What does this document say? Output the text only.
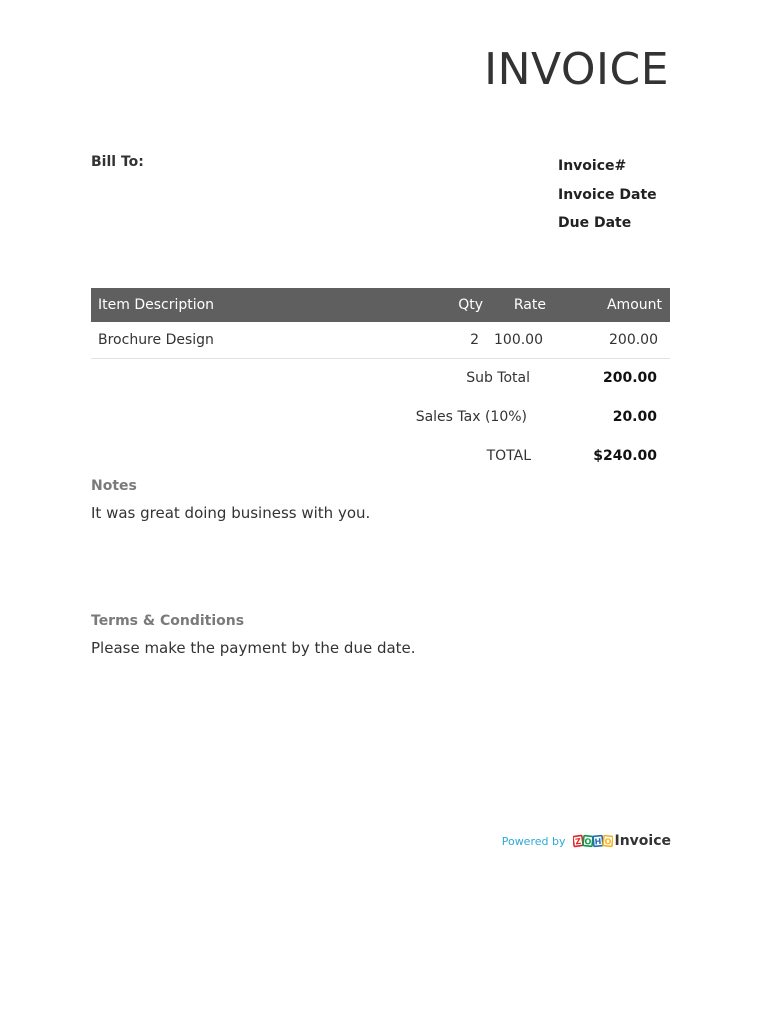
INVOICE
Bill To:	Invoice#
Invoice Date
Due Date
Item Description	Qty Rate	Amount
Brochure Design	2 100.00	200.00
Sub Total	200.00
Sales Tax (10%)	20.00
TOTAL	$240.00
Notes
It was great doing business with you.
Terms & Conditions
Please make the payment by the due date.
Powered by Z O H O Invoice
